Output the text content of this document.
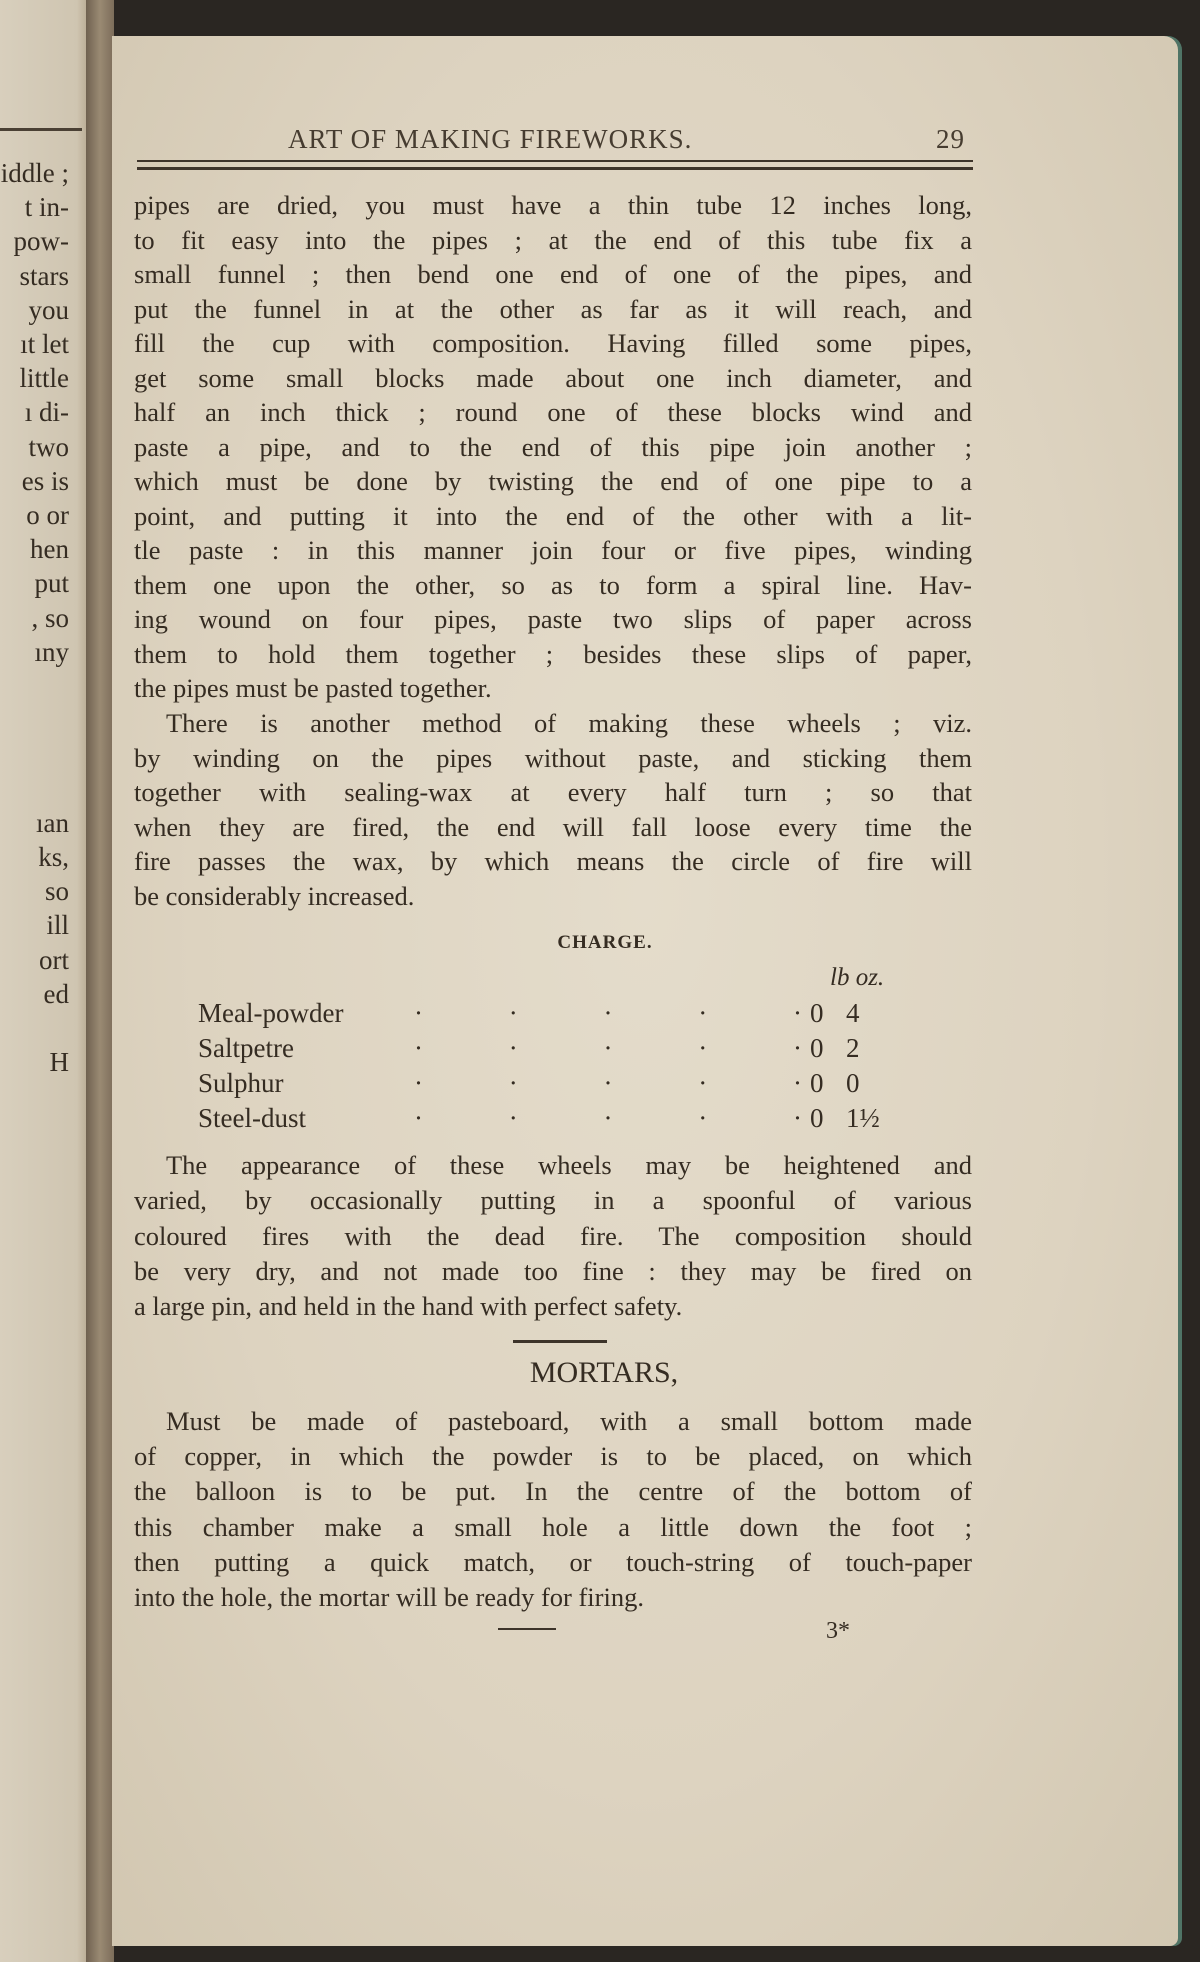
iddle ;
t in-
pow-
stars
you
ıt let
little
ı di-
two
es is
o or
hen
put
, so
ıny
ıan
ks,
so
ill
ort
ed
H
ART OF MAKING FIREWORKS.	29
pipes are dried, you must have a thin tube 12 inches long,
to fit easy into the pipes ; at the end of this tube fix a
small funnel ; then bend one end of one of the pipes, and
put the funnel in at the other as far as it will reach, and
fill the cup with composition. Having filled some pipes,
get some small blocks made about one inch diameter, and
half an inch thick ; round one of these blocks wind and
paste a pipe, and to the end of this pipe join another ;
which must be done by twisting the end of one pipe to a
point, and putting it into the end of the other with a lit-
tle paste : in this manner join four or five pipes, winding
them one upon the other, so as to form a spiral line. Hav-
ing wound on four pipes, paste two slips of paper across
them to hold them together ; besides these slips of paper,
the pipes must be pasted together.
There is another method of making these wheels ; viz.
by winding on the pipes without paste, and sticking them
together with sealing-wax at every half turn ; so that
when they are fired, the end will fall loose every time the
fire passes the wax, by which means the circle of fire will
be considerably increased.
The appearance of these wheels may be heightened and
varied, by occasionally putting in a spoonful of various
coloured fires with the dead fire. The composition should
be very dry, and not made too fine : they may be fired on
a large pin, and held in the hand with perfect safety.
Must be made of pasteboard, with a small bottom made
of copper, in which the powder is to be placed, on which
the balloon is to be put. In the centre of the bottom of
this chamber make a small hole a little down the foot ;
then putting a quick match, or touch-string of touch-paper
into the hole, the mortar will be ready for firing.
CHARGE.
lb oz.
Meal-powder	·	·	·	·	· 0 4
Saltpetre	·	·	·	·	· 0 2
Sulphur	·	·	·	·	· 0 0
Steel-dust	·	·	·	·	· 0 1½
MORTARS,
3*
